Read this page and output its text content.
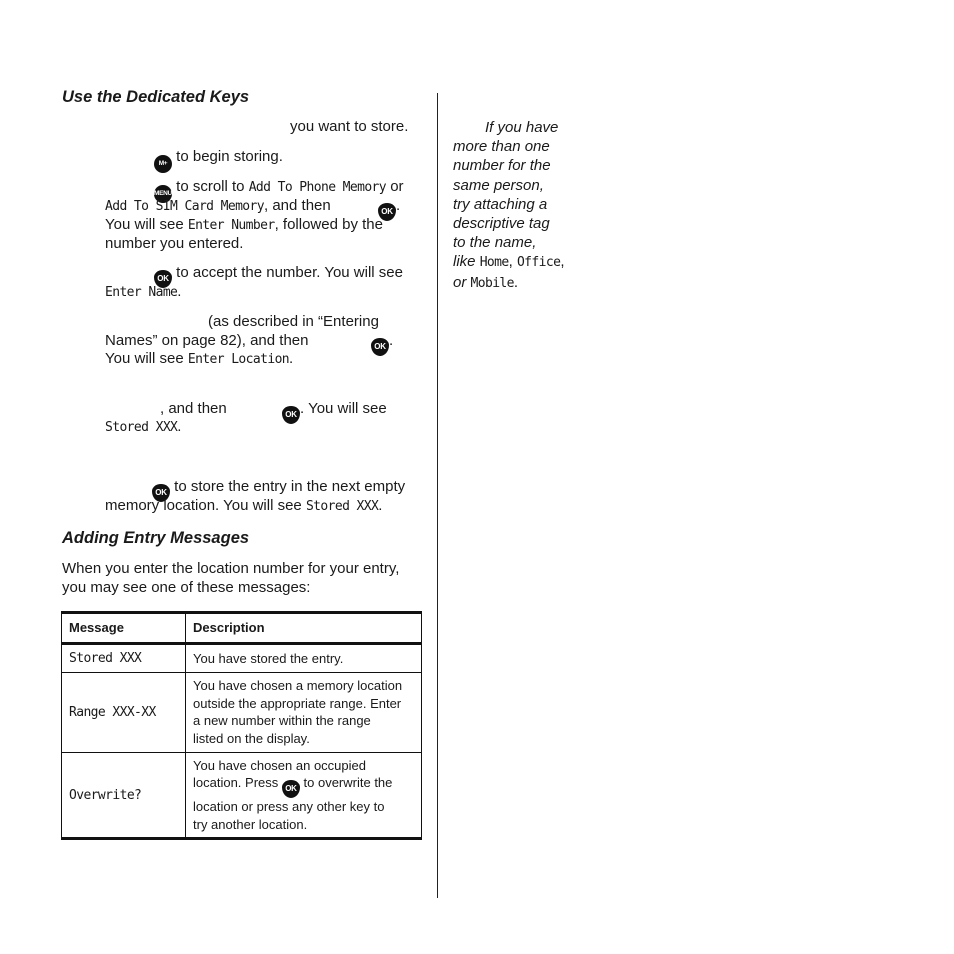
Use the Dedicated Keys
you want to store.
M+ to begin storing.
MENU to scroll to Add To Phone Memory or
Add To SIM Card Memory, and then	OK .
You will see Enter Number, followed by the
number you entered.
OK to accept the number. You will see
Enter Name.
(as described in “Entering
Names” on page 82), and then	OK .
You will see Enter Location.
, and then	OK . You will see
Stored XXX.
OK to store the entry in the next empty
memory location. You will see Stored XXX.
Adding Entry Messages
When you enter the location number for your entry,
you may see one of these messages:
Message	Description
Stored XXX	You have stored the entry.
Range XXX-XX	You have chosen a memory location
outside the appropriate range. Enter
a new number within the range
listed on the display.

Overwrite?	You have chosen an occupied
location. Press OK to overwrite the
location or press any other key to
try another location.
If you have
more than one
number for the
same person,
try attaching a
descriptive tag
to the name,
like Home, Office,
or Mobile.
